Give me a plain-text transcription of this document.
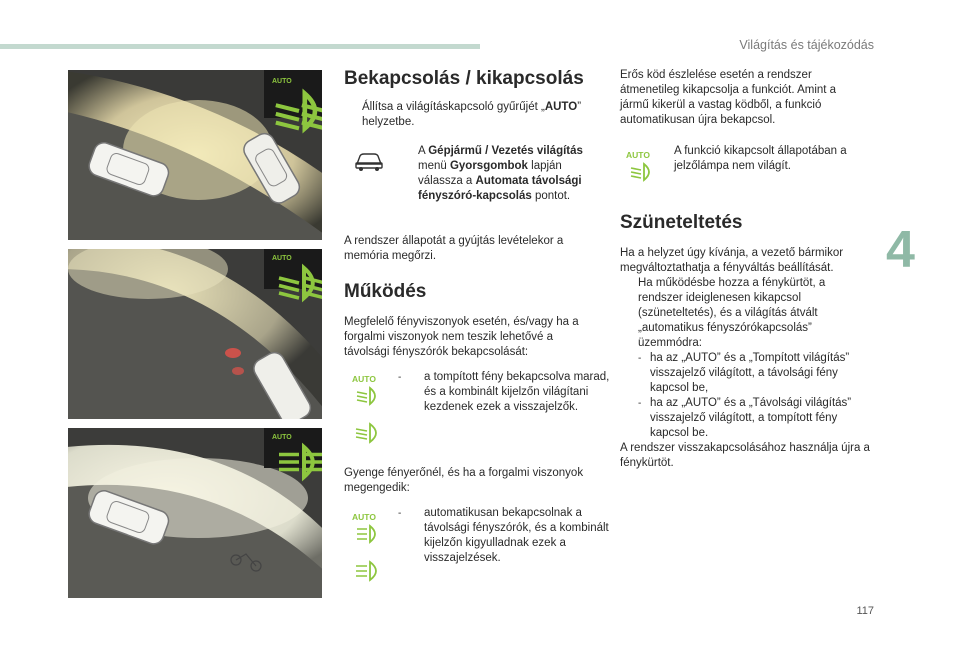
Világítás és tájékozódás
4
117
AUTO
AUTO
AUTO
Bekapcsolás / kikapcsolás
Állítsa a világításkapcsoló gyűrűjét „AUTO” helyzetbe.
A Gépjármű / Vezetés világítás menü Gyorsgombok lapján válassza a Automata távolsági fényszóró-kapcsolás pontot.

A rendszer állapotát a gyújtás levételekor a memória megőrzi.

Működés

Megfelelő fényviszonyok esetén, és/vagy ha a forgalmi viszonyok nem teszik lehetővé a távolsági fényszórók bekapcsolását:

AUTO - a tompított fény bekapcsolva marad, és a kombinált kijelzőn világítani kezdenek ezek a visszajelzők.

Gyenge fényerőnél, és ha a forgalmi viszonyok megengedik:

AUTO - automatikusan bekapcsolnak a távolsági fényszórók, és a kombinált kijelzőn kigyulladnak ezek a visszajelzések.

Erős köd észlelése esetén a rendszer átmenetileg kikapcsolja a funkciót. Amint a jármű kikerül a vastag ködből, a funkció automatikusan újra bekapcsol.

AUTO A funkció kikapcsolt állapotában a jelzőlámpa nem világít.

Szüneteltetés

Ha a helyzet úgy kívánja, a vezető bármikor megváltoztathatja a fényváltás beállítását.

Ha működésbe hozza a fénykürtöt, a rendszer ideiglenesen kikapcsol (szüneteltetés), és a világítás átvált „automatikus fényszórókapcsolás” üzemmódra:
- ha az „AUTO” és a „Tompított világítás” visszajelző világított, a távolsági fény kapcsol be,
- ha az „AUTO” és a „Távolsági világítás” visszajelző világított, a tompított fény kapcsol be.

A rendszer visszakapcsolásához használja újra a fénykürtöt.
